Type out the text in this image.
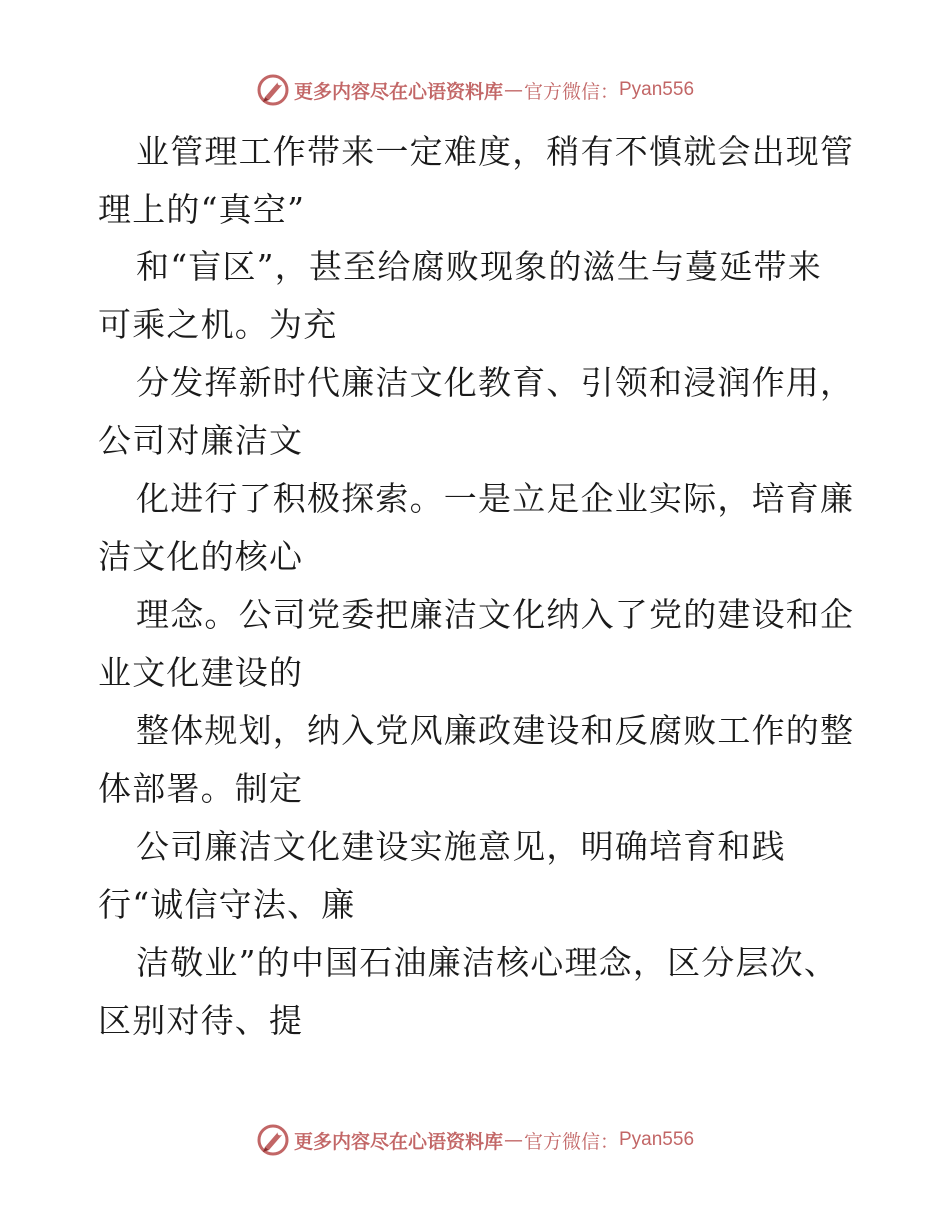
更多内容尽在心语资料库 — 官方微信： Pyan556
业管理工作带来一定难度，稍有不慎就会出现管
理上的“真空”
和“盲区”，甚至给腐败现象的滋生与蔓延带来
可乘之机。为充
分发挥新时代廉洁文化教育、引领和浸润作用，
公司对廉洁文
化进行了积极探索。一是立足企业实际，培育廉
洁文化的核心
理念。公司党委把廉洁文化纳入了党的建设和企
业文化建设的
整体规划，纳入党风廉政建设和反腐败工作的整
体部署。制定
公司廉洁文化建设实施意见，明确培育和践
行“诚信守法、廉
洁敬业”的中国石油廉洁核心理念，区分层次、
区别对待、提
更多内容尽在心语资料库 — 官方微信： Pyan556
